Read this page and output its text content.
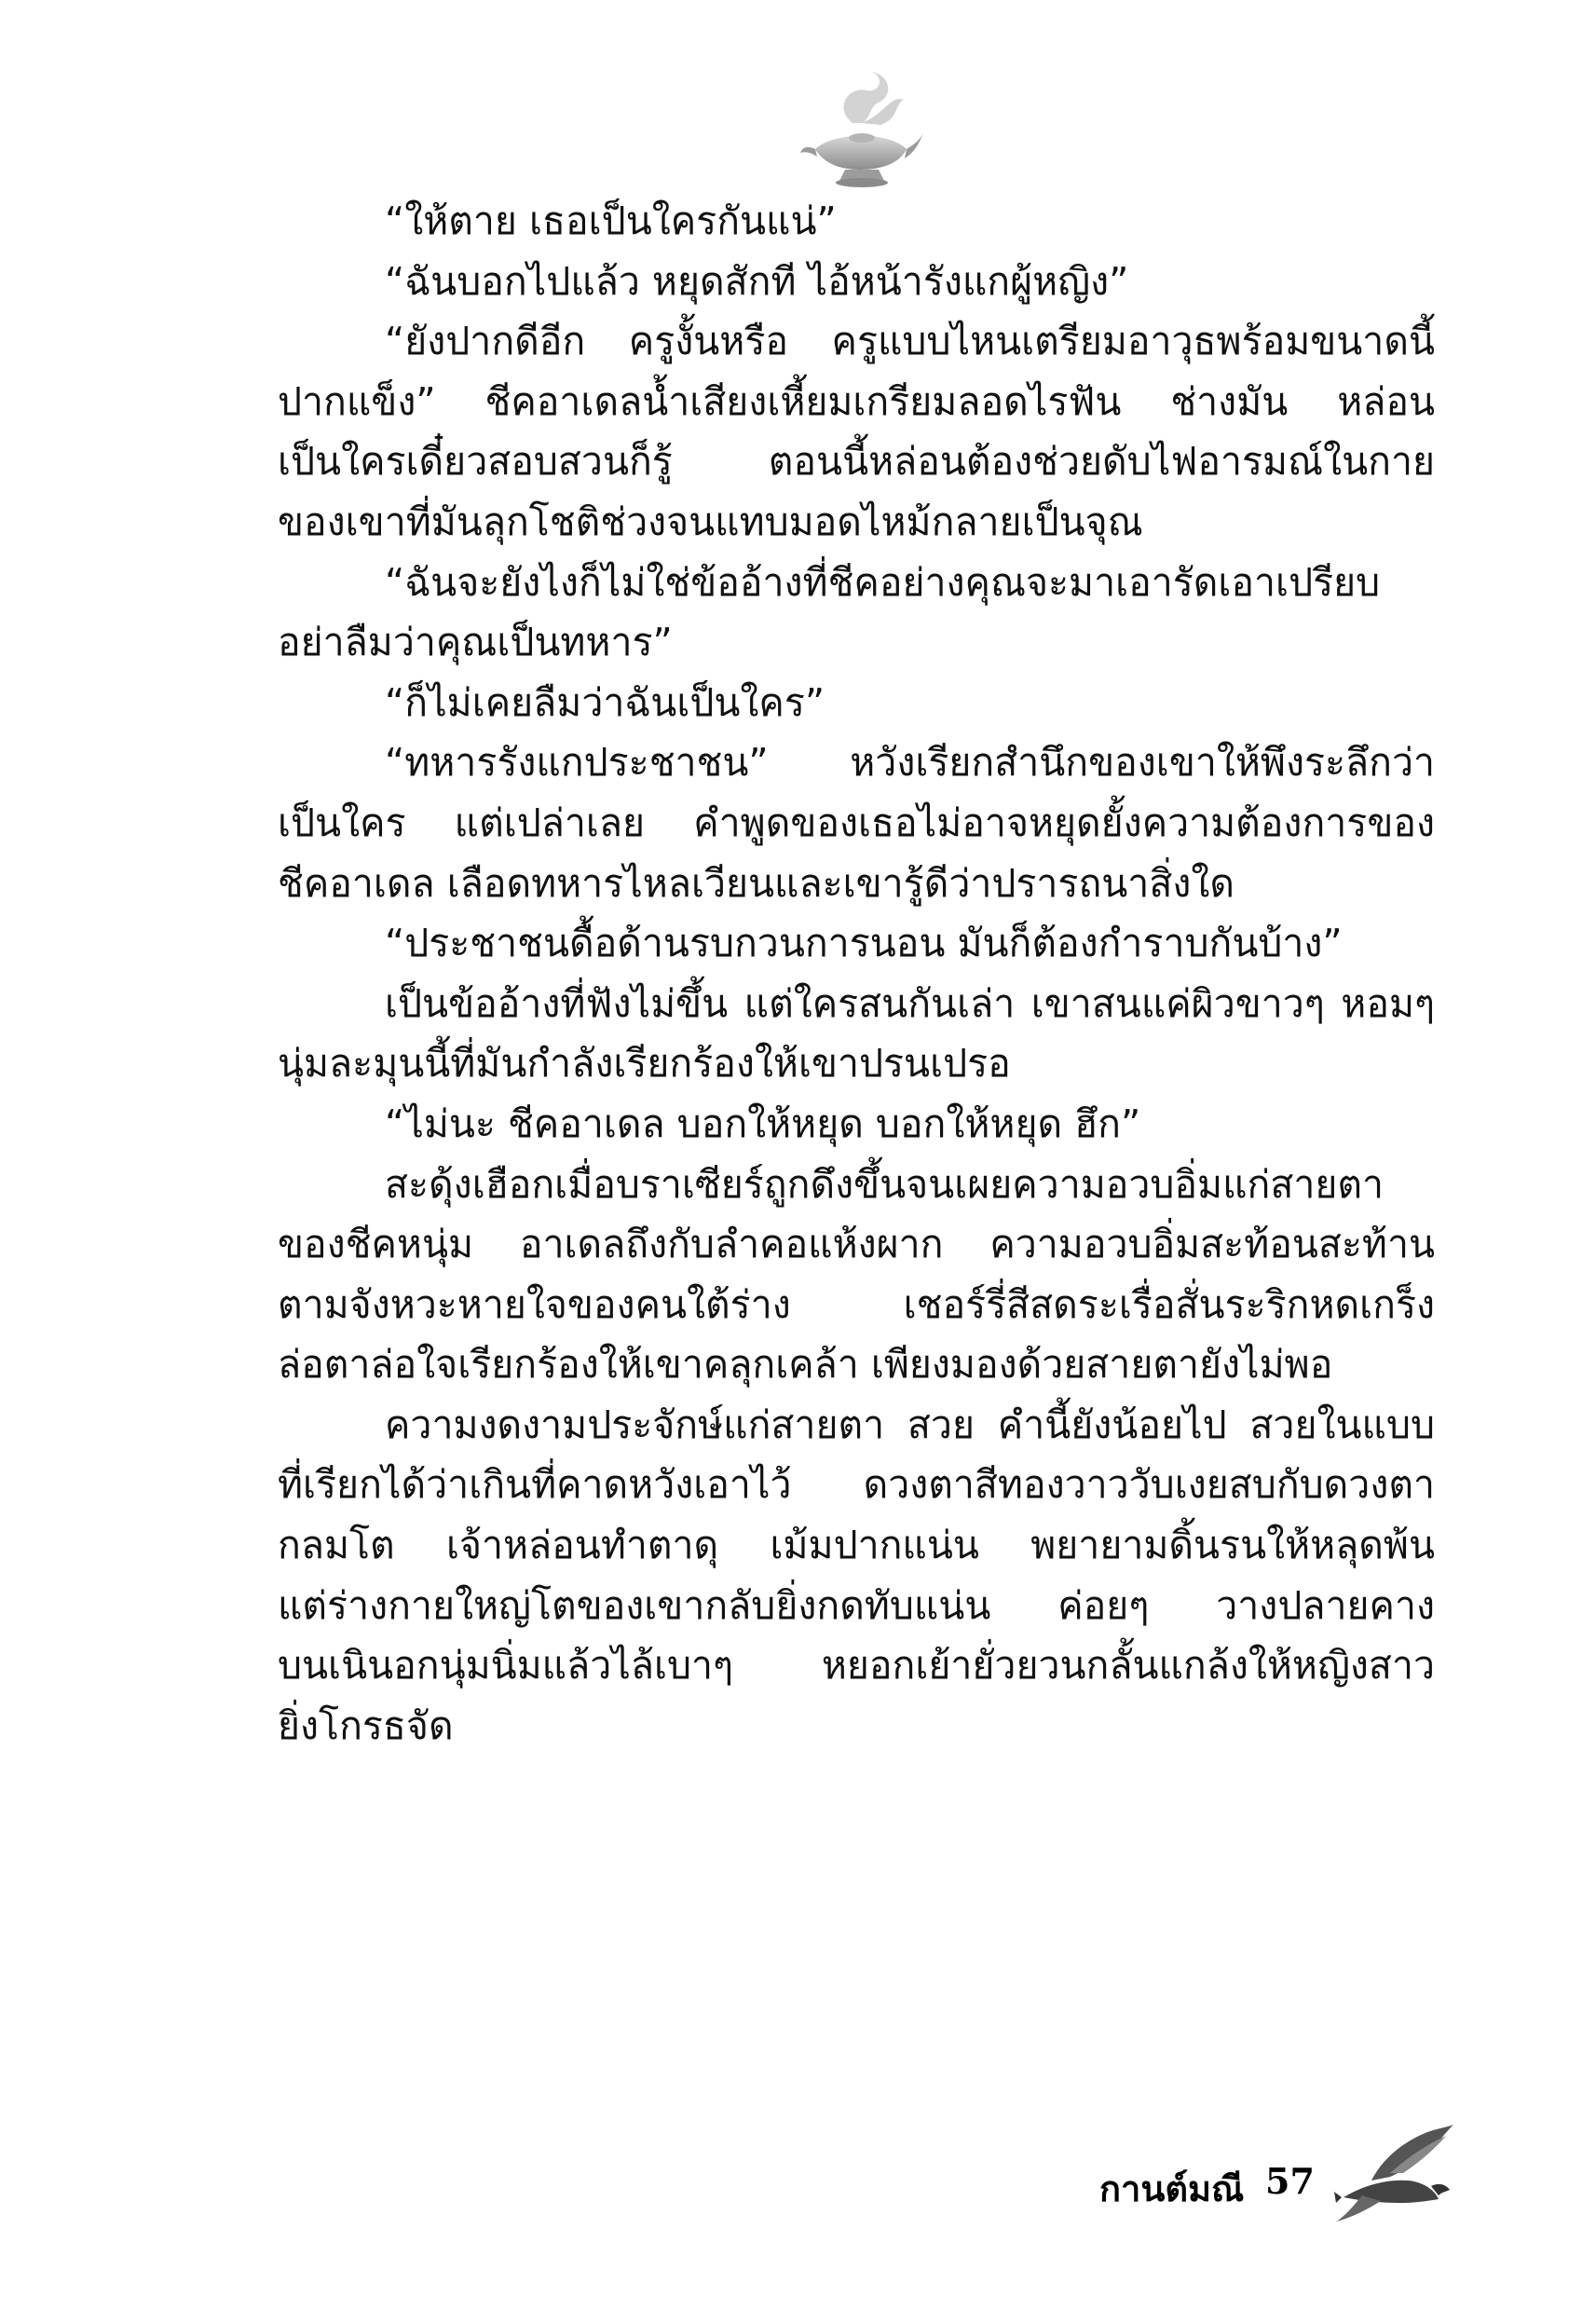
“ให้ตาย เธอเป็นใครกันแน่”
“ฉันบอกไปแล้ว หยุดสักที ไอ้หน้ารังแกผู้หญิง”
“ยังปากดีอีก ครูงั้นหรือ ครูแบบไหนเตรียมอาวุธพร้อมขนาดนี้
ปากแข็ง” ชีคอาเดลน้ำเสียงเหี้ยมเกรียมลอดไรฟัน ช่างมัน หล่อน
เป็นใครเดี๋ยวสอบสวนก็รู้ ตอนนี้หล่อนต้องช่วยดับไฟอารมณ์ในกาย
ของเขาที่มันลุกโชติช่วงจนแทบมอดไหม้กลายเป็นจุณ
“ฉันจะยังไงก็ไม่ใช่ข้ออ้างที่ชีคอย่างคุณจะมาเอารัดเอาเปรียบ
อย่าลืมว่าคุณเป็นทหาร”
“ก็ไม่เคยลืมว่าฉันเป็นใคร”
“ทหารรังแกประชาชน” หวังเรียกสำนึกของเขาให้พึงระลึกว่า
เป็นใคร แต่เปล่าเลย คำพูดของเธอไม่อาจหยุดยั้งความต้องการของ
ชีคอาเดล เลือดทหารไหลเวียนและเขารู้ดีว่าปรารถนาสิ่งใด
“ประชาชนดื้อด้านรบกวนการนอน มันก็ต้องกำราบกันบ้าง”
เป็นข้ออ้างที่ฟังไม่ขึ้น แต่ใครสนกันเล่า เขาสนแค่ผิวขาวๆ หอมๆ
นุ่มละมุนนี้ที่มันกำลังเรียกร้องให้เขาปรนเปรอ
“ไม่นะ ชีคอาเดล บอกให้หยุด บอกให้หยุด ฮึก”
สะดุ้งเฮือกเมื่อบราเซียร์ถูกดึงขึ้นจนเผยความอวบอิ่มแก่สายตา
ของชีคหนุ่ม อาเดลถึงกับลำคอแห้งผาก ความอวบอิ่มสะท้อนสะท้าน
ตามจังหวะหายใจของคนใต้ร่าง เชอร์รี่สีสดระเรื่อสั่นระริกหดเกร็ง
ล่อตาล่อใจเรียกร้องให้เขาคลุกเคล้า เพียงมองด้วยสายตายังไม่พอ
ความงดงามประจักษ์แก่สายตา สวย คำนี้ยังน้อยไป สวยในแบบ
ที่เรียกได้ว่าเกินที่คาดหวังเอาไว้ ดวงตาสีทองวาววับเงยสบกับดวงตา
กลมโต เจ้าหล่อนทำตาดุ เม้มปากแน่น พยายามดิ้นรนให้หลุดพ้น
แต่ร่างกายใหญ่โตของเขากลับยิ่งกดทับแน่น ค่อยๆ วางปลายคาง
บนเนินอกนุ่มนิ่มแล้วไล้เบาๆ หยอกเย้ายั่วยวนกลั้นแกล้งให้หญิงสาว
ยิ่งโกรธจัด
กานต์มณี 57
